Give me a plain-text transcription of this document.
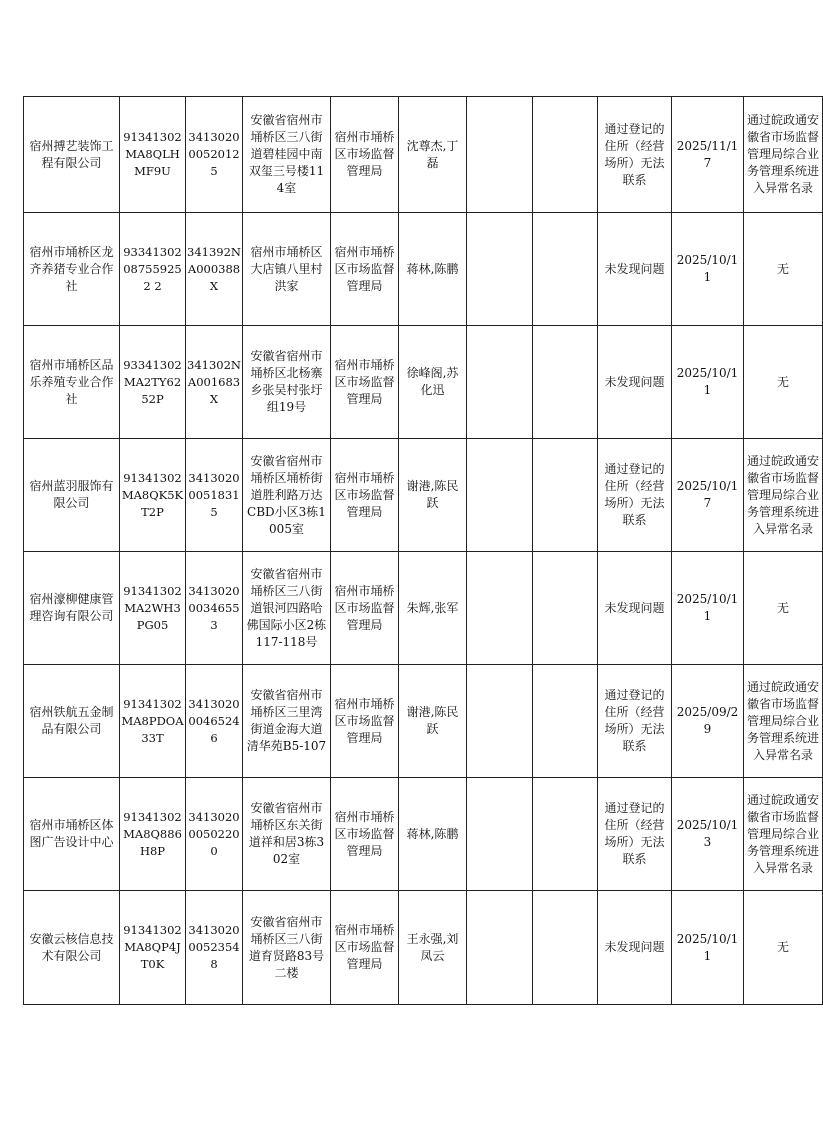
宿州搏艺装饰工程有限公司	91341302MA8QLHMF9U	341302000520125	安徽省宿州市埇桥区三八街道碧桂园中南双玺三号楼114室	宿州市埇桥区市场监督管理局	沈尊杰,丁磊			通过登记的住所（经营场所）无法联系	2025/11/17	通过皖政通安徽省市场监督管理局综合业务管理系统进入异常名录
宿州市埇桥区龙齐养猪专业合作社	93341302087559252 2	341392NA000388X	宿州市埇桥区大店镇八里村洪家	宿州市埇桥区市场监督管理局	蒋林,陈鹏			未发现问题	2025/10/11	无
宿州市埇桥区品乐养殖专业合作社	93341302MA2TY6252P	341302NA001683X	安徽省宿州市埇桥区北杨寨乡张吴村张圩组19号	宿州市埇桥区市场监督管理局	徐峰阁,苏化迅			未发现问题	2025/10/11	无
宿州蓝羽服饰有限公司	91341302MA8QK5KT2P	341302000518315	安徽省宿州市埇桥区埇桥街道胜利路万达CBD小区3栋1005室	宿州市埇桥区市场监督管理局	谢港,陈民跃			通过登记的住所（经营场所）无法联系	2025/10/17	通过皖政通安徽省市场监督管理局综合业务管理系统进入异常名录
宿州濠柳健康管理咨询有限公司	91341302MA2WH3PG05	341302000346553	安徽省宿州市埇桥区三八街道银河四路哈佛国际小区2栋117-118号	宿州市埇桥区市场监督管理局	朱辉,张军			未发现问题	2025/10/11	无
宿州铁航五金制品有限公司	91341302MA8PDOA33T	341302000465246	安徽省宿州市埇桥区三里湾街道金海大道清华苑B5-107	宿州市埇桥区市场监督管理局	谢港,陈民跃			通过登记的住所（经营场所）无法联系	2025/09/29	通过皖政通安徽省市场监督管理局综合业务管理系统进入异常名录
宿州市埇桥区体图广告设计中心	91341302MA8Q886H8P	341302000502200	安徽省宿州市埇桥区东关街道祥和居3栋302室	宿州市埇桥区市场监督管理局	蒋林,陈鹏			通过登记的住所（经营场所）无法联系	2025/10/13	通过皖政通安徽省市场监督管理局综合业务管理系统进入异常名录
安徽云核信息技术有限公司	91341302MA8QP4JT0K	341302000523548	安徽省宿州市埇桥区三八街道育贤路83号二楼	宿州市埇桥区市场监督管理局	王永强,刘凤云			未发现问题	2025/10/11	无
